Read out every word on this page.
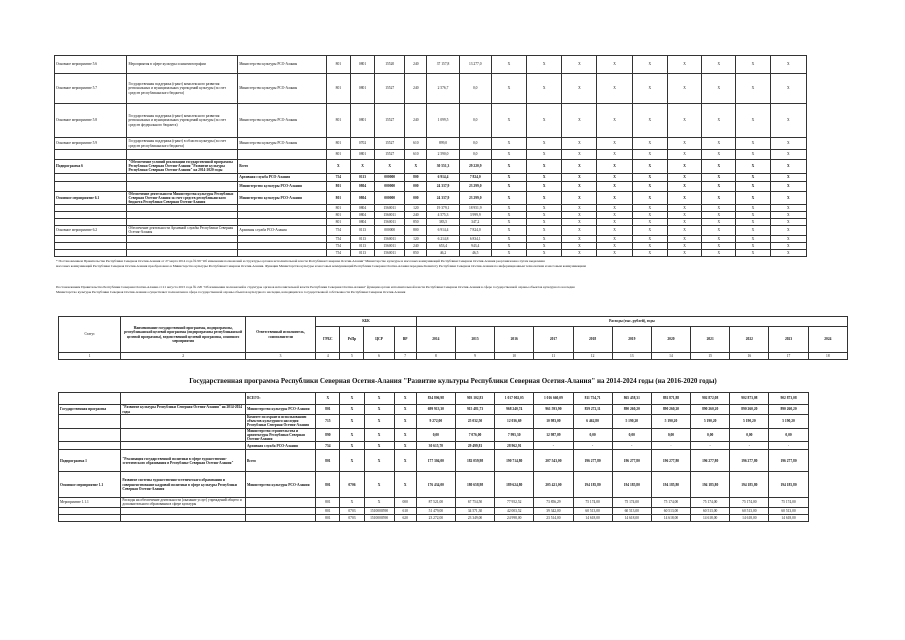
Основное мероприятие 5.6	Мероприятия в сфере культуры и кинематографии	Министерство культуры РСО-Алания	801	0801	15520	240	37 157,8	13 277,0	X	X	X	X	X	X	X	X	X
Основное мероприятие 5.7	Государственная поддержка (грант) комплексного развития региональных и муниципальных учреждений культуры (за счет средств республиканского бюджета)	Министерство культуры РСО-Алания	801	0801	15527	240	2 576,7	0,0	X	X	X	X	X	X	X	X	X
Основное мероприятие 5.8	Государственная поддержка (грант) комплексного развития региональных и муниципальных учреждений культуры (за счет средств федерального бюджета)	Министерство культуры РСО-Алания	801	0801	15527	240	1 099,5	0,0	X	X	X	X	X	X	X	X	X
Основное мероприятие 5.9	Государственная поддержка (грант) в области культуры (за счет средств республиканского бюджета)	Министерство культуры РСО-Алания	801	0702	15527	610	899,0	0,0	X	X	X	X	X	X	X	X	X
			801	0801	15527	610	2 590,0	0,0	X	X	X	X	X	X	X	X	X
Подпрограмма 6	"Обеспечение условий реализации государственной программы Республики Северная Осетия-Алания "Развитие культуры Республики Северная Осетия-Алания" на 2014-2020 годы	Всего	X	X	X	X	30 551,3	29 220,9	X	X	X	X	X	X	X	X	X
		Архивная служба РСО-Алания	754	0113	000000	800	6 914,4	7 824,0	X	X	X	X	X	X	X	X	X
		Министерство культуры РСО-Алания	801	0804	000000	000	24 337,9	23 299,0	X	X	X	X	X	X	X	X	X
Основное мероприятие 6.1	Обеспечение деятельности Министерства культуры Республики Северная Осетия-Алания за счет средств республиканского бюджета Республики Северная Осетия-Алания	Министерство культуры РСО-Алания	801	0804	000000	000	24 337,9	23 299,0	X	X	X	X	X	X	X	X	X
			801	0804	1560011	120	19 379,1	18 951,9	X	X	X	X	X	X	X	X	X
			801	0804	1560011	240	4 575,3	3 999,9	X	X	X	X	X	X	X	X	X
			801	0804	1560011	850	383,5	347,2	X	X	X	X	X	X	X	X	X
Основное мероприятие 6.2	Обеспечение деятельности Архивной службы Республики Северная Осетия-Алания	Архивная служба РСО-Алания	754	0113	000000	800	6 914,4	7 824,0	X	X	X	X	X	X	X	X	X
			754	0113	1560011	120	6 214,8	6 834,1	X	X	X	X	X	X	X	X	X
			754	0113	1560011	240	653,4	943,4	X	X	X	X	X	X	X	X	X
			754	0113	1560011	850	46,2	46,5	X	X	X	X	X	X	X	X	X
* Постановлением Правительства Республики Северная Осетия-Алания от 27 марта 2014 года № 99 "Об изменении полномочий и структуры органов исполнительной власти Республики Северная Осетия-Алания" Министерство культуры и массовых коммуникаций Республики Северная Осетия-Алания реорганизовано путем выделения
массовых коммуникаций Республики Северная Осетия-Алания преобразовано в Министерство культуры Республики Северная Осетия-Алания. Функции Министерства культуры и массовых коммуникаций Республики Северная Осетия-Алания переданы Комитету Республики Северная Осетия-Алания по информационным технологиям и массовым коммуникациям
Постановлением Правительства Республики Северная Осетия-Алания от 21 августа 2015 года № 220 "Об изменении полномочий и структуры органов исполнительной власти Республики Северная Осетия-Алания" функции органа исполнительной власти Республики Северная Осетия-Алания в сфере государственной охраны объектов культурного наследия
Министерство культуры Республики Северная Осетия-Алания осуществляет полномочия в сфере государственной охраны объектов культурного наследия, находящихся в государственной собственности Республики Северная Осетия-Алания
Статус	Наименование государственной программы, подпрограммы, республиканской целевой программы (подпрограммы республиканской целевой программы), ведомственной целевой программы, основного мероприятия	Ответственный исполнитель, соисполнители	КБК				Расходы (тыс. рублей), годы										
			ГРБС	РзПр	ЦСР	ВР	2014	2015	2016	2017	2018	2019	2020	2021	2022	2023	2024
1	2	3	4	5	6	7	8	9	10	11	12	13	14	15	16	17	18
Государственная программа Республики Северная Осетия-Алания "Развитие культуры Республики Северная Осетия-Алания" на 2014-2024 годы (на 2016-2020 годы)
		ВСЕГО:	X	X	X	X	834 806,98	903 102,83	1 017 002,05	1 016 660,09	811 754,71	865 458,31	892 871,88	902 872,08	902 873,08	902 873,08
Государственная программа	"Развитие культуры Республики Северная Осетия-Алания" на 2014-2024 годы	Министерство культуры РСО-Алания	801	X	X	X	699 913,30	915 481,73	968 240,74	961 593,90	859 272,11	890 260,20	890 260,20	890 260,20	890 260,20	890 260,20
		Комитет по охране и использованию объектов культурного наследия Республики Северная Осетия-Алания	715	X	X	X	9 272,00	25 032,50	12 036,69	10 983,00	6 462,80	5 190,20	5 190,20	5 190,20	5 190,20	5 190,20
		Министерство строительства и архитектуры Республики Северная Осетия-Алания	890	X	X	X	0,00	7 076,00	7 995,30	12 987,09	0,00	0,00	0,00	0,00	0,00	0,00
		Архивная служба РСО-Алания	754	X	X	X	30 615,70	29 499,81	28 962,91	-	-	-	-	-	-	-
Подпрограмма 1	"Реализация государственной политики в сфере художественно-эстетического образования в Республике Северная Осетия-Алания"	Всего	801	X	X	X	177 304,00	182 059,98	190 714,80	207 543,00	196 277,80	196 277,80	196 277,80	196 277,80	196 277,80	196 277,80
Основное мероприятие 1.1	Развитие системы художественно-эстетического образования и совершенствование кадровой политики в сфере культуры Республики Северная Осетия-Алания	Министерство культуры РСО-Алания	801	0706	X	X	176 434,00	180 658,98	189 624,80	205 421,00	194 185,80	194 185,80	194 185,80	194 185,80	194 185,80	194 185,80
Мероприятие 1.1.1	Расходы на обеспечение деятельности (оказание услуг) учреждений общего и дополнительного образования в сфере культуры		801	X	X	000	87 521,00	67 754,50	77 952,52	73 856,29	75 174,00	75 174,00	75 174,00	75 174,00	75 174,00	75 174,00
			801	0703	1510000590	610	51 479,00	34 571,30	42 003,52	39 342,00	60 513,00	60 513,00	60 513,00	60 513,00	60 513,00	60 513,00
			801	0703	1510000590	620	23 272,00	23 349,00	24 998,00	23 514,00	14 618,00	14 618,00	14 618,00	14 618,00	14 618,00	14 618,00
